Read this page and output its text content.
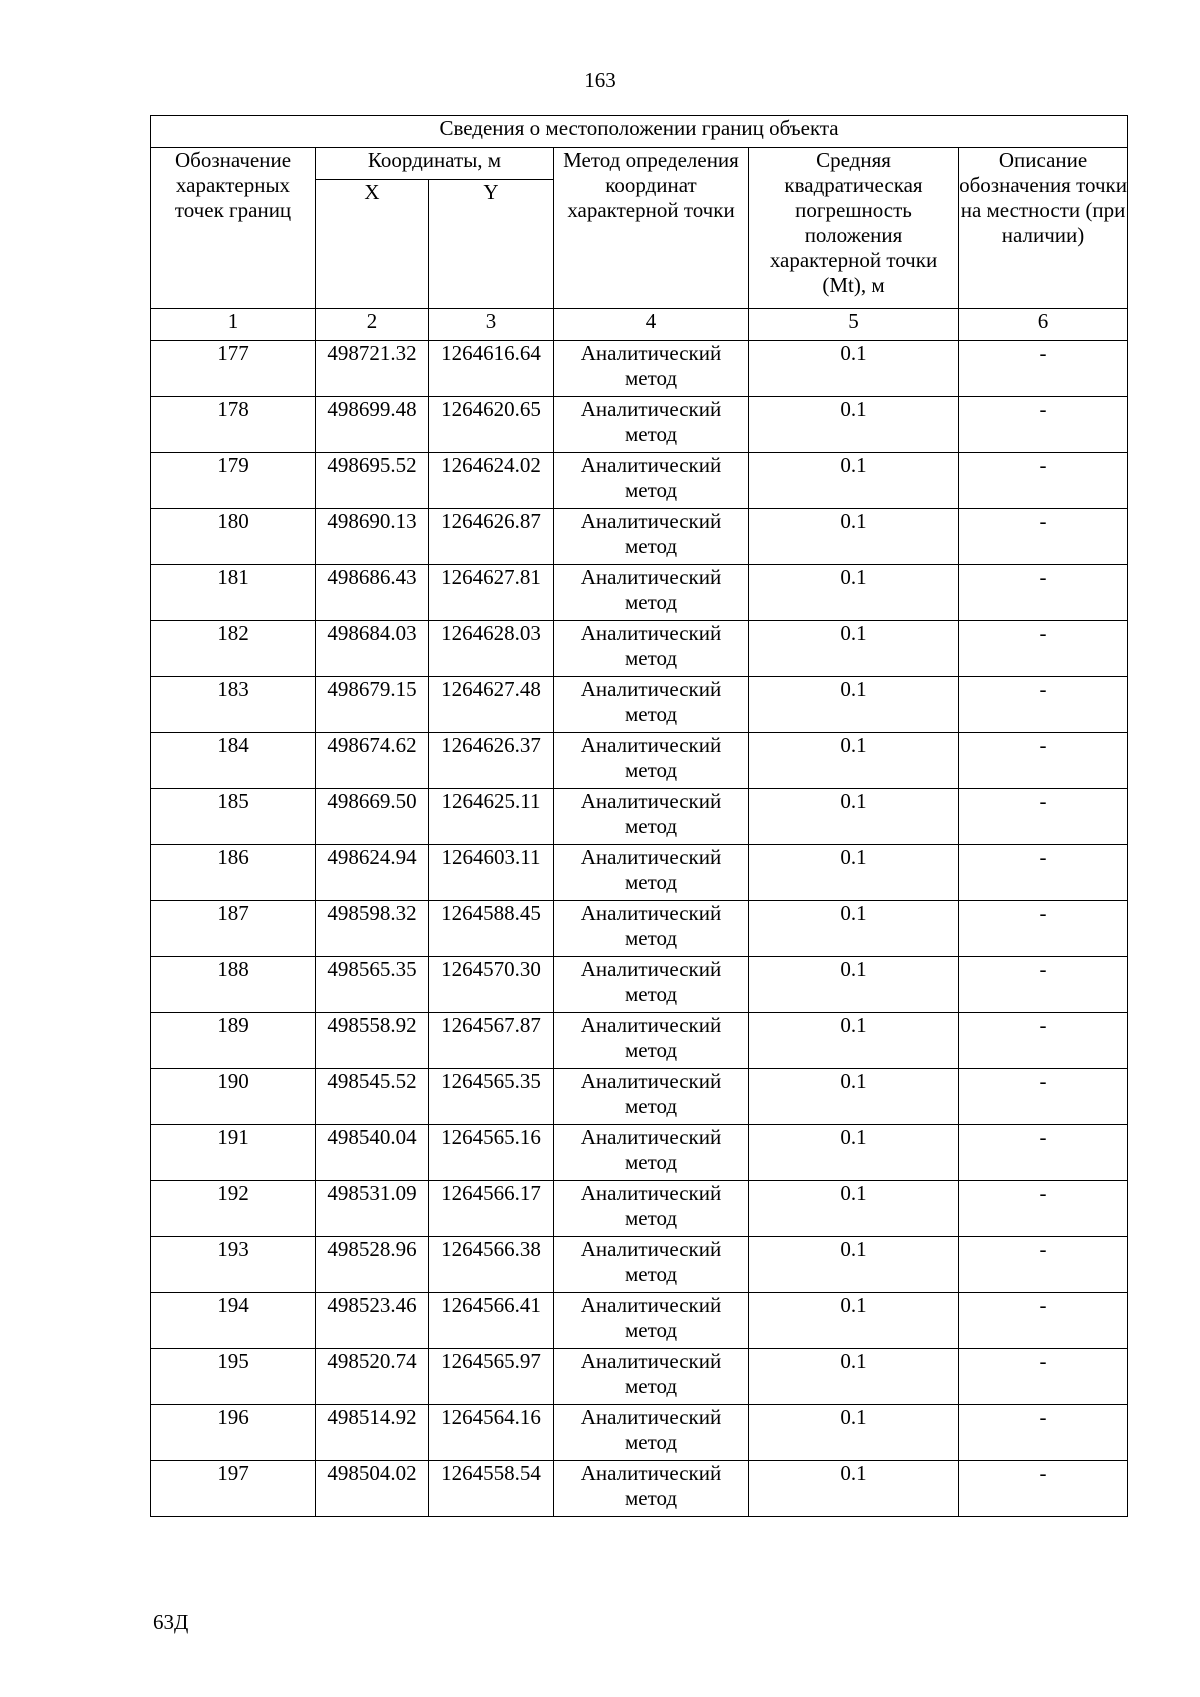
163
Сведения о местоположении границ объекта					
Обозначение характерных точек границ	Координаты, м		Метод определения координат характерной точки	Средняя квадратическая погрешность положения характерной точки (Mt), м	Описание обозначения точки на местности (при наличии)
	X	Y			
1	2	3	4	5	6
177	498721.32	1264616.64	Аналитический метод	0.1	-
178	498699.48	1264620.65	Аналитический метод	0.1	-
179	498695.52	1264624.02	Аналитический метод	0.1	-
180	498690.13	1264626.87	Аналитический метод	0.1	-
181	498686.43	1264627.81	Аналитический метод	0.1	-
182	498684.03	1264628.03	Аналитический метод	0.1	-
183	498679.15	1264627.48	Аналитический метод	0.1	-
184	498674.62	1264626.37	Аналитический метод	0.1	-
185	498669.50	1264625.11	Аналитический метод	0.1	-
186	498624.94	1264603.11	Аналитический метод	0.1	-
187	498598.32	1264588.45	Аналитический метод	0.1	-
188	498565.35	1264570.30	Аналитический метод	0.1	-
189	498558.92	1264567.87	Аналитический метод	0.1	-
190	498545.52	1264565.35	Аналитический метод	0.1	-
191	498540.04	1264565.16	Аналитический метод	0.1	-
192	498531.09	1264566.17	Аналитический метод	0.1	-
193	498528.96	1264566.38	Аналитический метод	0.1	-
194	498523.46	1264566.41	Аналитический метод	0.1	-
195	498520.74	1264565.97	Аналитический метод	0.1	-
196	498514.92	1264564.16	Аналитический метод	0.1	-
197	498504.02	1264558.54	Аналитический метод	0.1	-
63Д
